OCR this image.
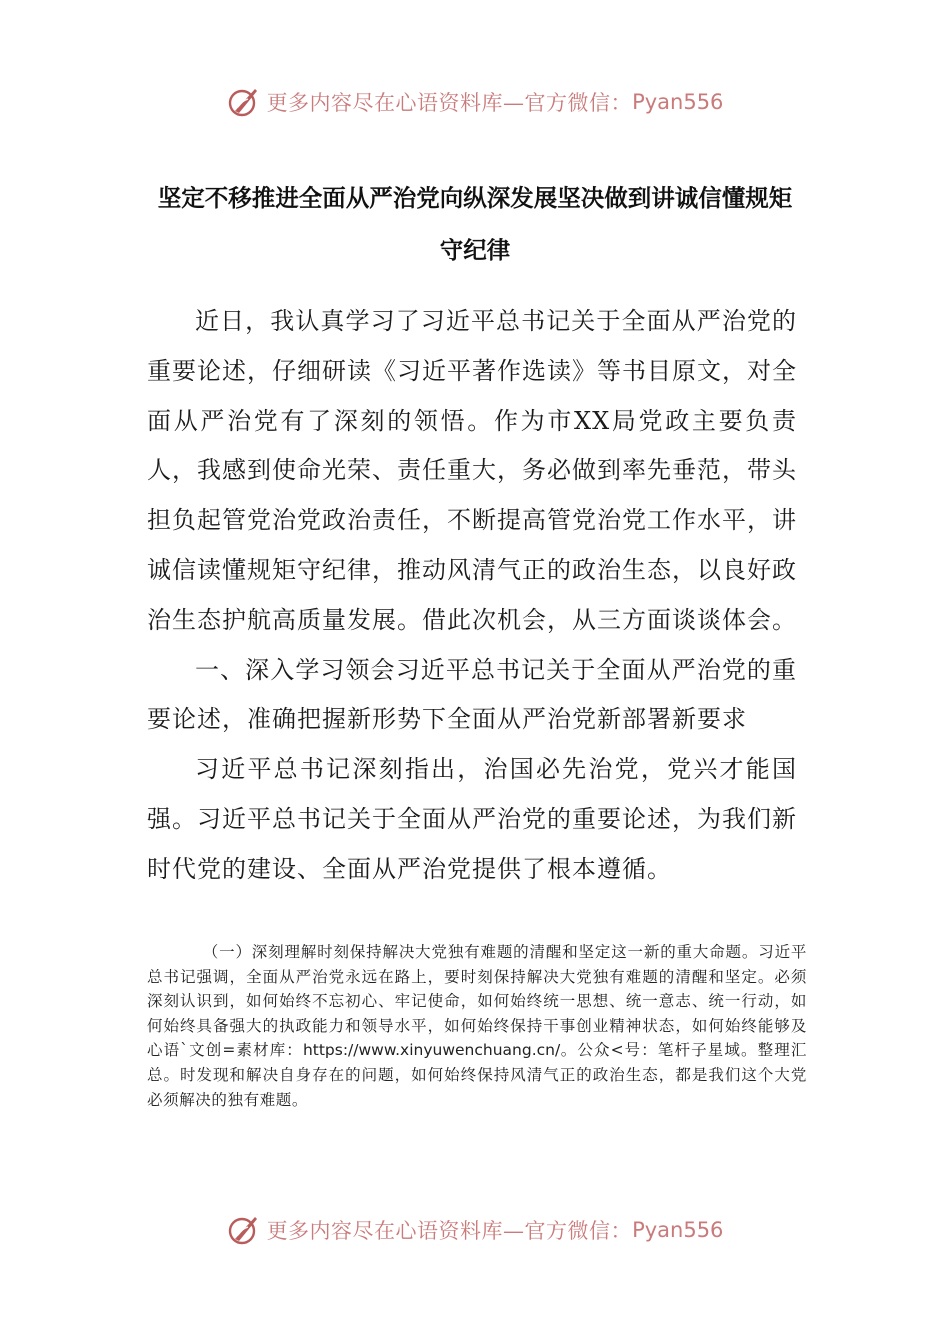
更多内容尽在心语资料库—官方微信： Pyan556
坚定不移推进全面从严治党向纵深发展坚决做到讲诚信懂规矩守纪律

近日，我认真学习了习近平总书记关于全面从严治党的重要论述，仔细研读《习近平著作选读》等书目原文，对全面从严治党有了深刻的领悟。作为市XX局党政主要负责人，我感到使命光荣、责任重大，务必做到率先垂范，带头担负起管党治党政治责任，不断提高管党治党工作水平，讲诚信读懂规矩守纪律，推动风清气正的政治生态，以良好政治生态护航高质量发展。借此次机会，从三方面谈谈体会。

一、深入学习领会习近平总书记关于全面从严治党的重要论述，准确把握新形势下全面从严治党新部署新要求

习近平总书记深刻指出，治国必先治党，党兴才能国强。习近平总书记关于全面从严治党的重要论述，为我们新时代党的建设、全面从严治党提供了根本遵循。

（一）深刻理解时刻保持解决大党独有难题的清醒和坚定这一新的重大命题。习近平总书记强调，全面从严治党永远在路上，要时刻保持解决大党独有难题的清醒和坚定。必须深刻认识到，如何始终不忘初心、牢记使命，如何始终统一思想、统一意志、统一行动，如何始终具备强大的执政能力和领导水平，如何始终保持干事创业精神状态，如何始终能够及心语`文创=素材库：https://www.xinyuwenchuang.cn/。公众<号：笔杆子星域。整理汇总。时发现和解决自身存在的问题，如何始终保持风清气正的政治生态，都是我们这个大党必须解决的独有难题。

更多内容尽在心语资料库—官方微信： Pyan556
